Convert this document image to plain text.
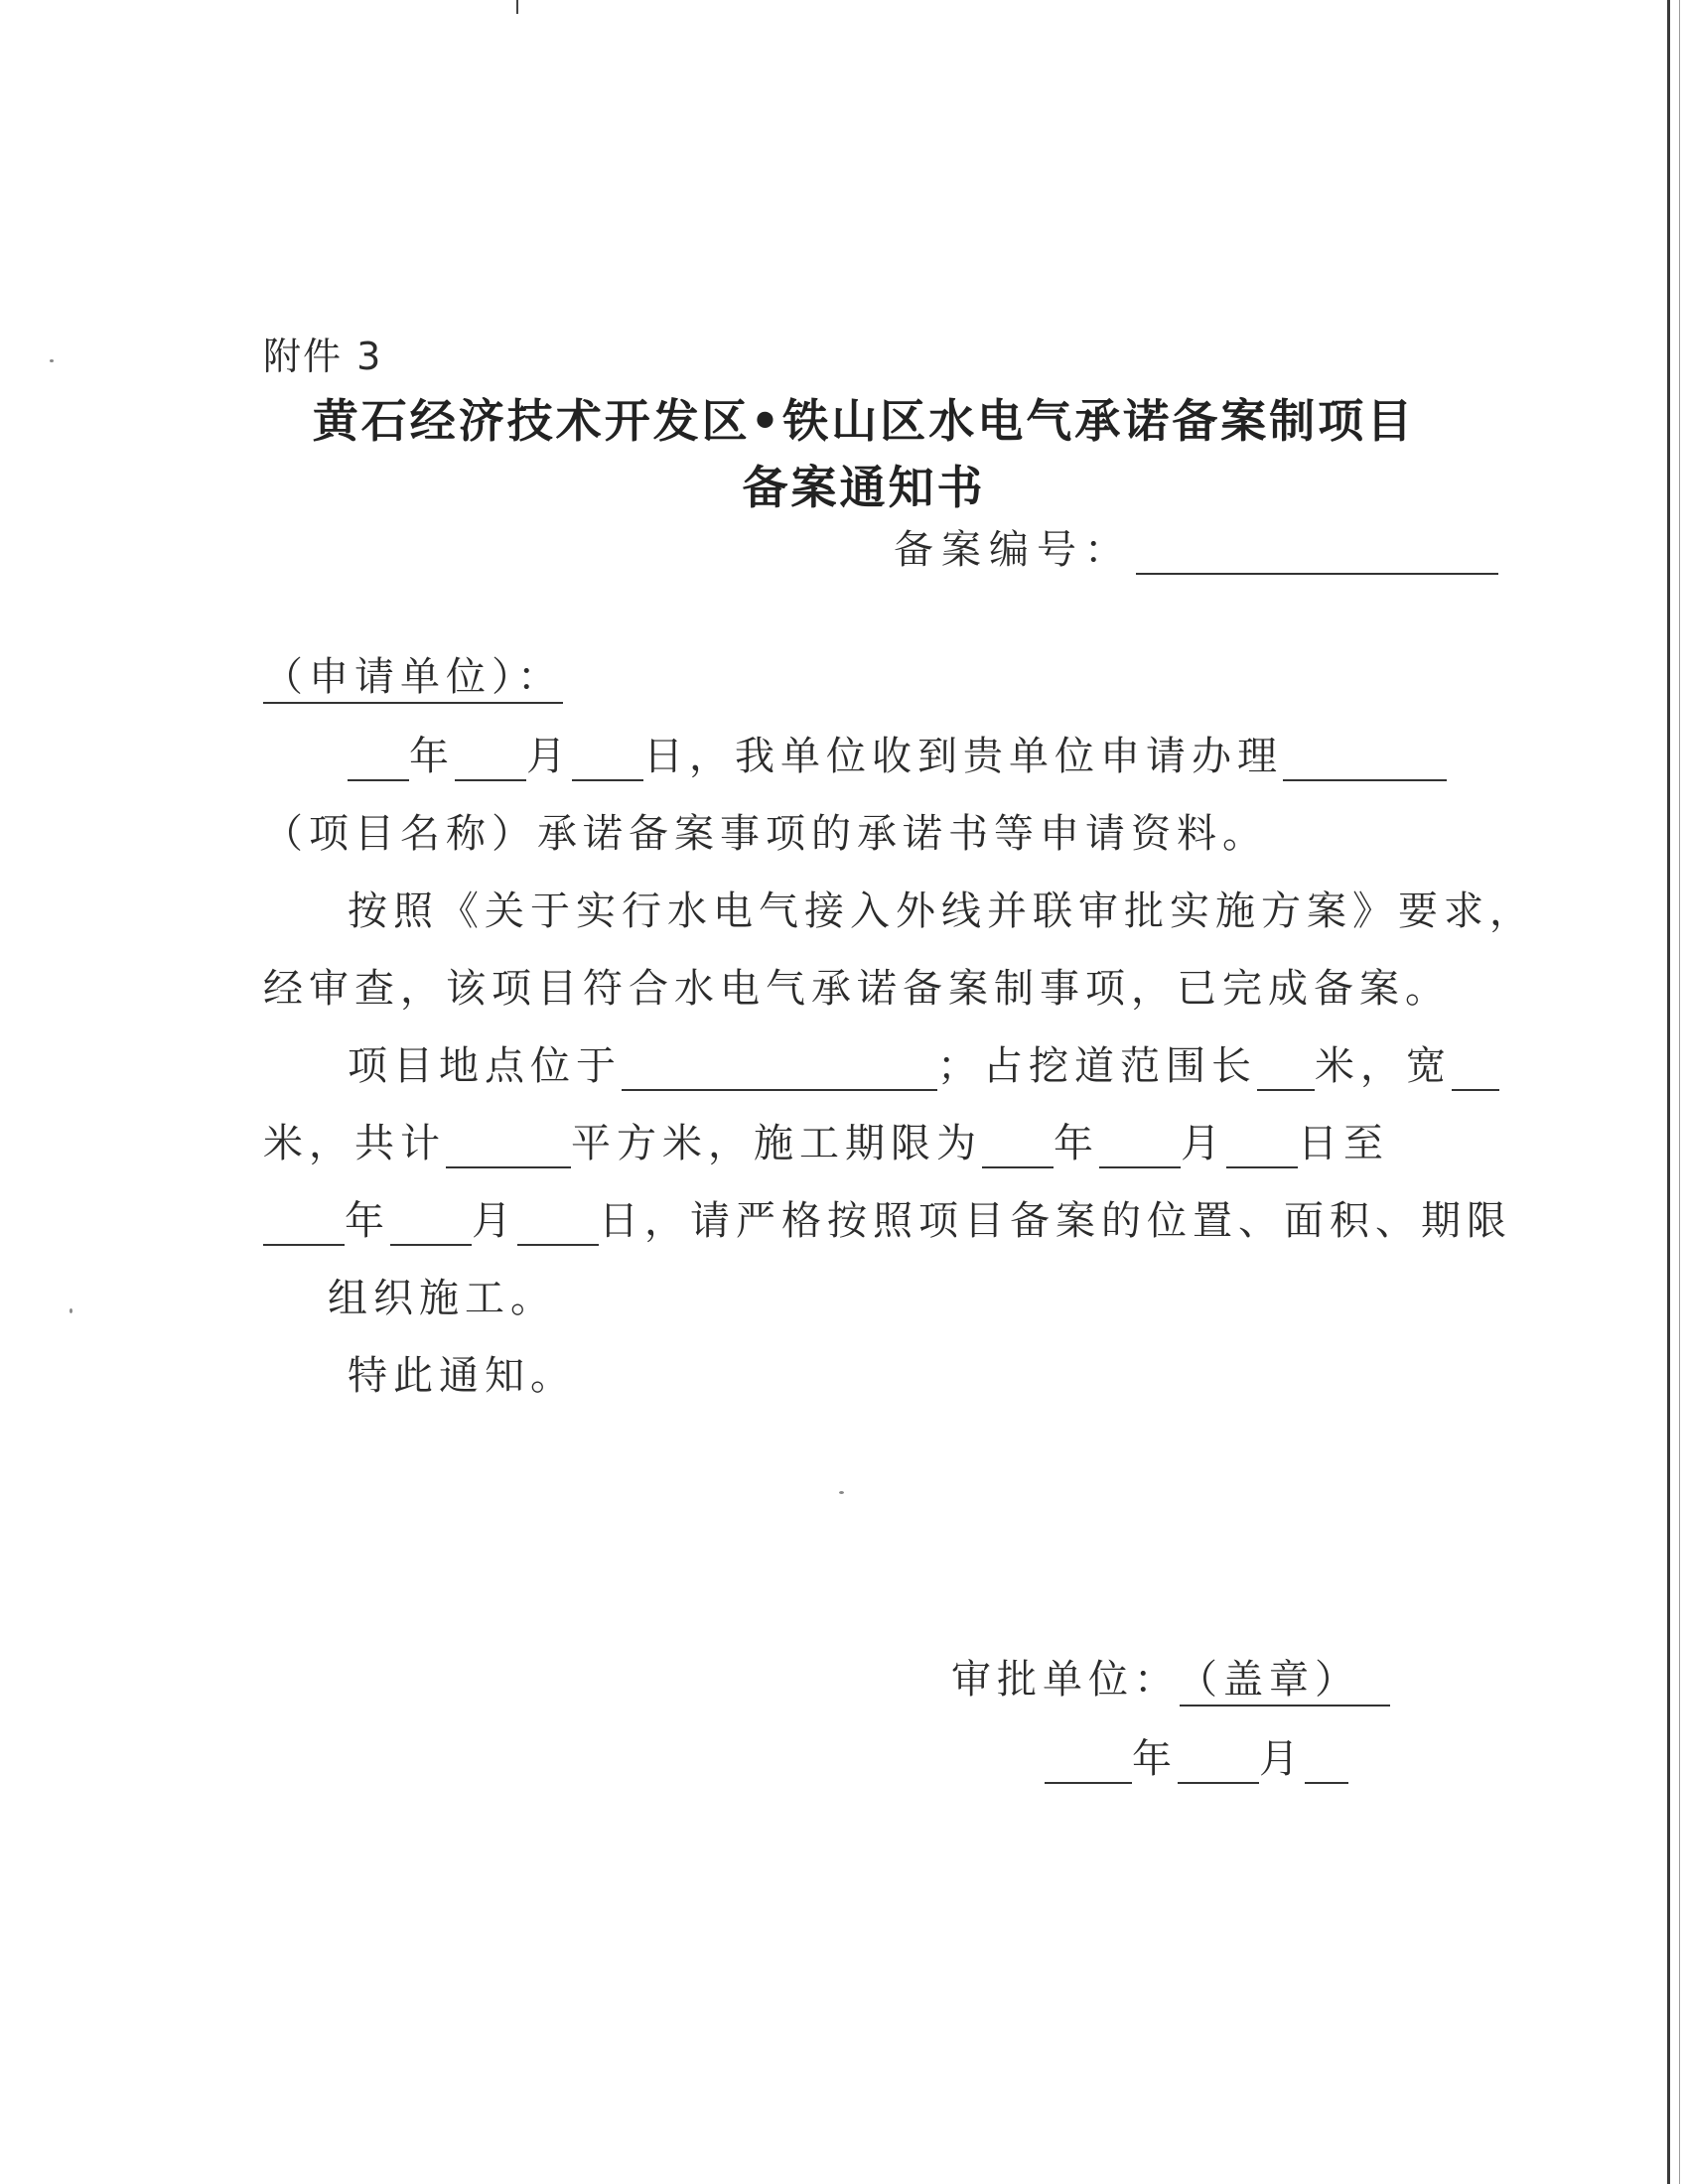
附件 3
黄石经济技术开发区•铁山区水电气承诺备案制项目
备案通知书
备案编号：
（申请单位）：
年 月 日，我单位收到贵单位申请办理
（项目名称）承诺备案事项的承诺书等申请资料。
按照《关于实行水电气接入外线并联审批实施方案》要求，
经审查，该项目符合水电气承诺备案制事项，已完成备案。
项目地点位于	；占挖道范围长 米，宽
米，共计	平方米，施工期限为 年 月 日至
年 月 日，请严格按照项目备案的位置、面积、期限
组织施工。
特此通知。
审批单位： （盖章）
年 月
